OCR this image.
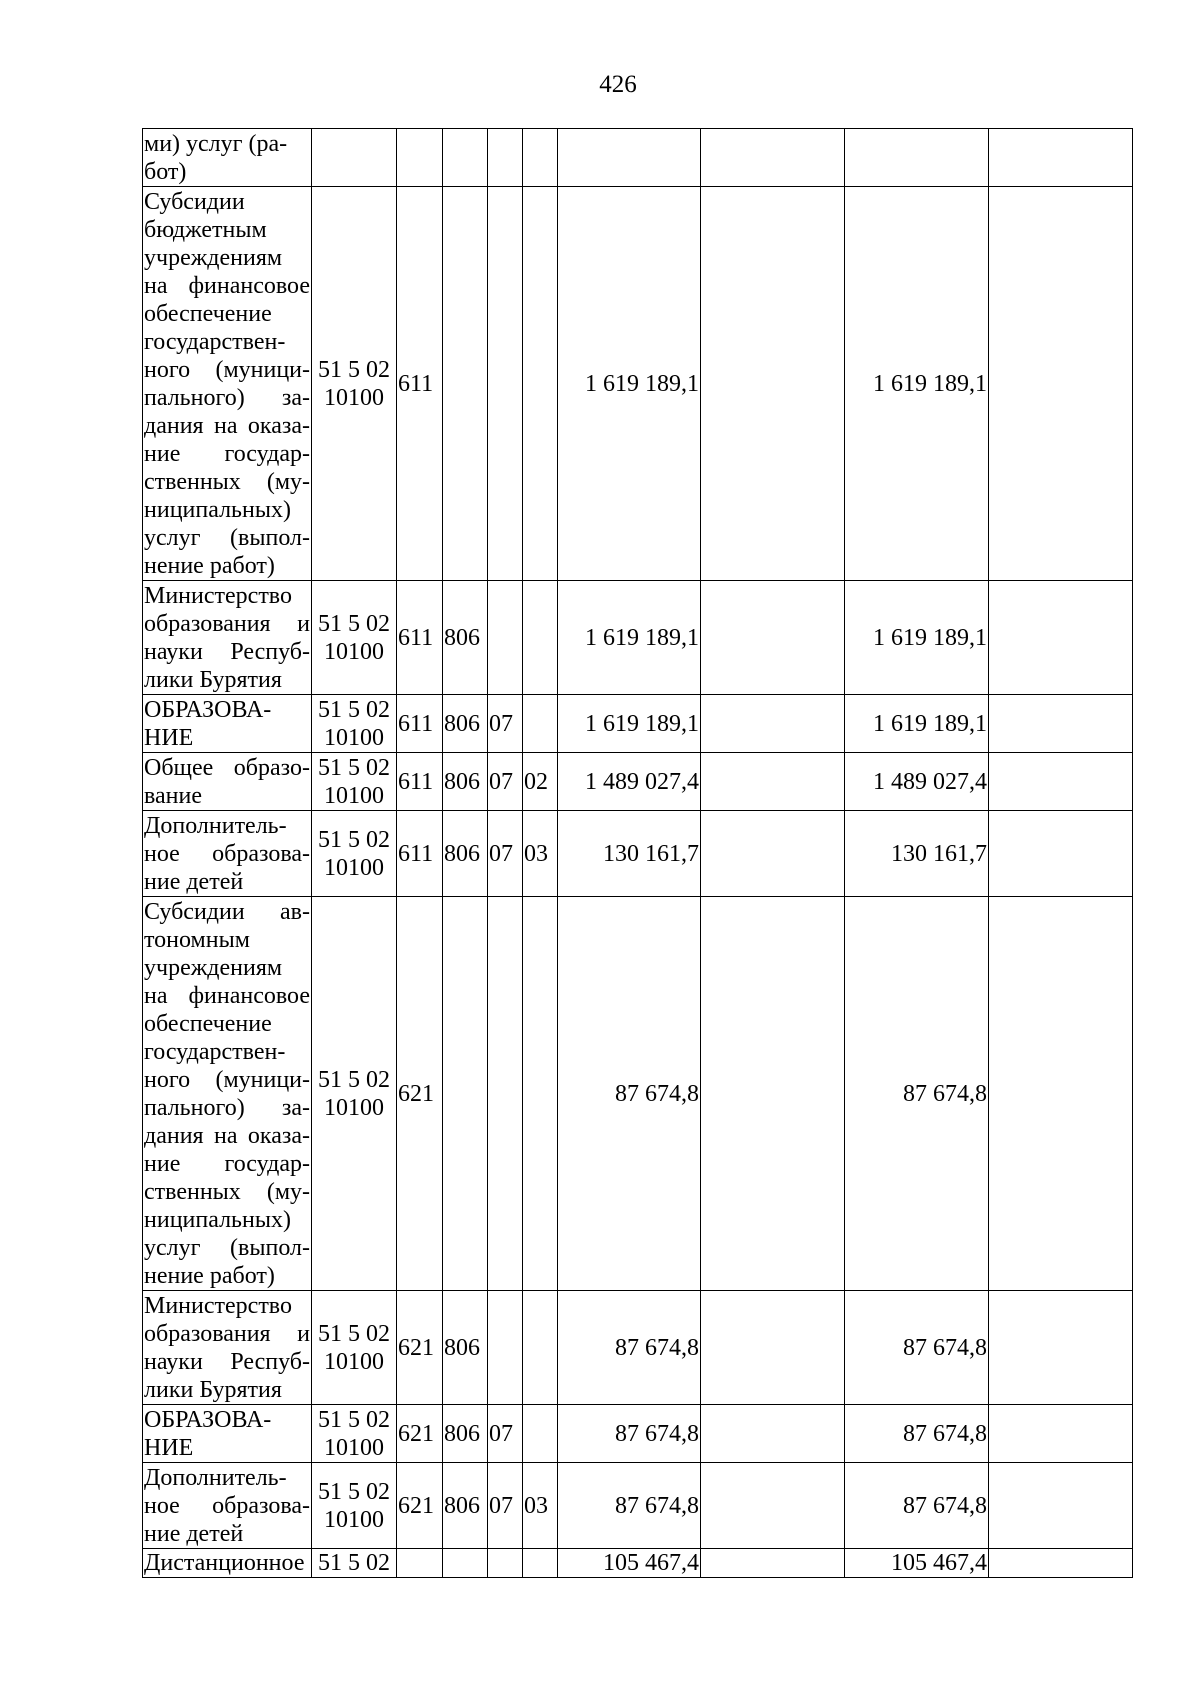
426
ми) услуг (ра-
бот)									
Субсидии бюджетным учреждениям на финансовое обеспечение государствен-ного (муници-пального) за-дания на оказа-ние государ-ственных (му-ниципальных) услуг (выпол-нение работ)	51 5 02 10100	611				1 619 189,1		1 619 189,1	
Министерство образования и науки Респуб-лики Бурятия	51 5 02 10100	611	806			1 619 189,1		1 619 189,1	
ОБРАЗОВА-НИЕ	51 5 02 10100	611	806	07		1 619 189,1		1 619 189,1	
Общее образо-вание	51 5 02 10100	611	806	07	02	1 489 027,4		1 489 027,4	
Дополнитель-ное образова-ние детей	51 5 02 10100	611	806	07	03	130 161,7		130 161,7	
Субсидии ав-тономным учреждениям на финансовое обеспечение государствен-ного (муници-пального) за-дания на оказа-ние государ-ственных (му-ниципальных) услуг (выпол-нение работ)	51 5 02 10100	621				87 674,8		87 674,8	
Министерство образования и науки Респуб-лики Бурятия	51 5 02 10100	621	806			87 674,8		87 674,8	
ОБРАЗОВА-НИЕ	51 5 02 10100	621	806	07		87 674,8		87 674,8	
Дополнитель-ное образова-ние детей	51 5 02 10100	621	806	07	03	87 674,8		87 674,8	
Дистанционное	51 5 02					105 467,4		105 467,4	
